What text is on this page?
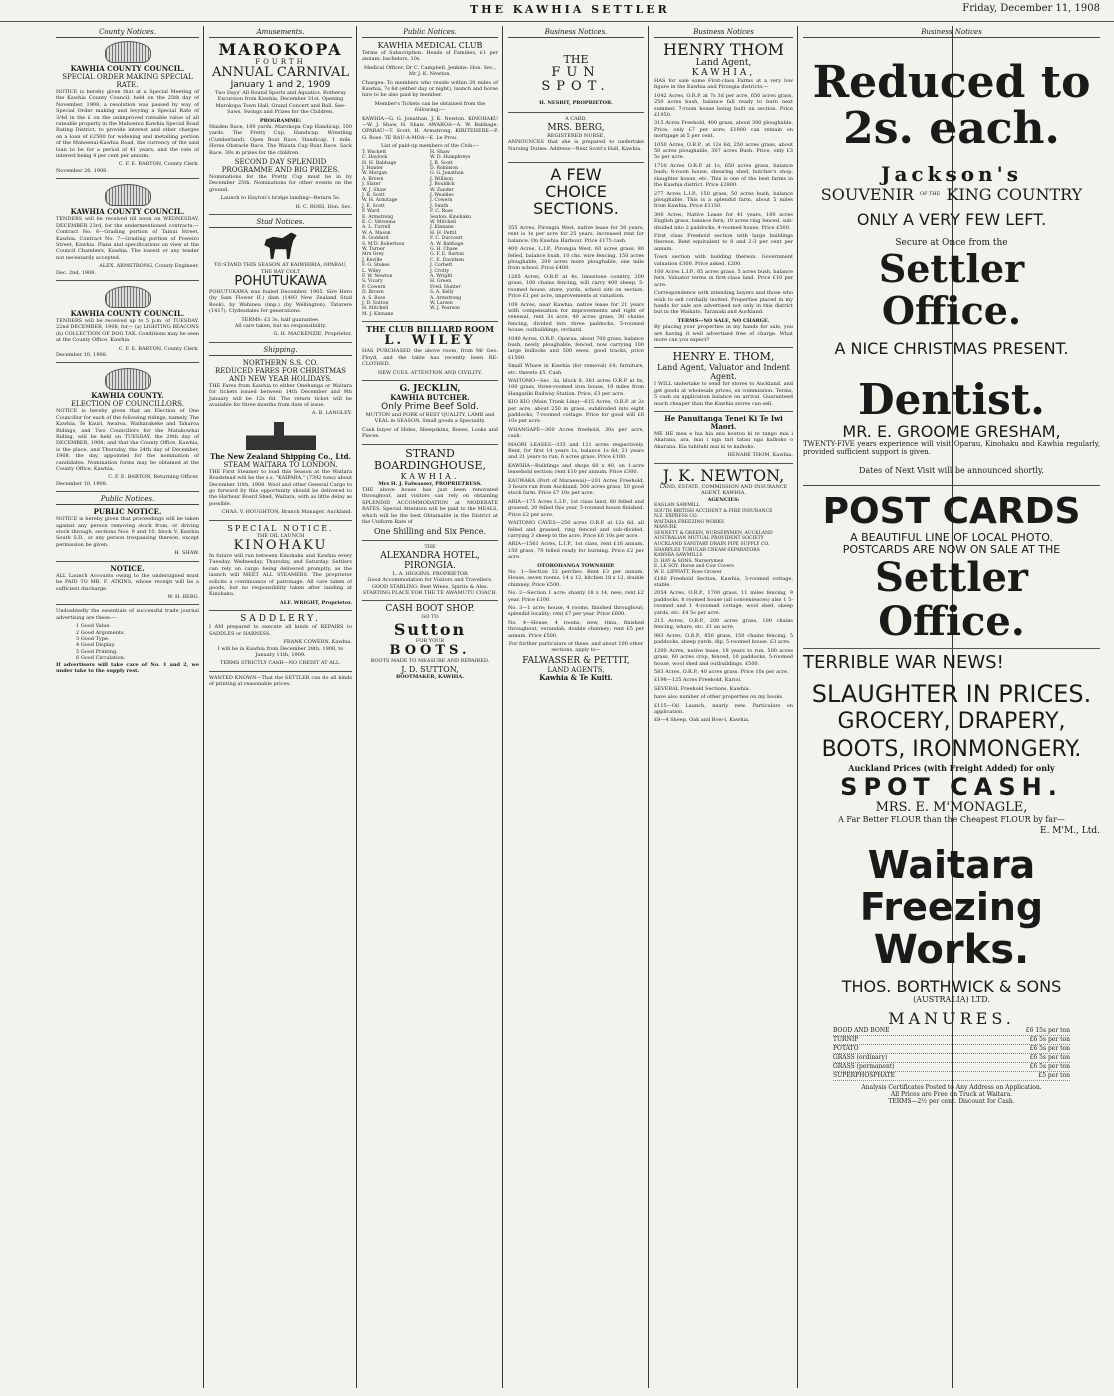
THE KAWHIA SETTLER	Friday, December 11, 1908
County Notices.
KAWHIA COUNTY COUNCIL.
SPECIAL ORDER MAKING SPECIAL RATE.

NOTICE is hereby given that at a Special Meeting of the Kawhia County Council, held on the 25th day of November, 1908, a resolution was passed by way of Special Order making and levying a Special Rate of 3/4d in the £ on the unimproved rateable value of all rateable property in the Mahoenui Kawhia Special Road Rating District, to provide interest and other charges on a loan of £2500 for widening and metalling portion of the Mahoenui-Kawhia Road, the currency of the said loan to be for a period of 41 years, and the rate of interest being 4 per cent per annum.

C. F. E. BARTON, County Clerk.
November 26, 1908.
KAWHIA COUNTY COUNCIL.

TENDERS will be received till noon on WEDNESDAY, DECEMBER 23rd, for the undermentioned contracts:— Contract No. 6—Grading portion of Tainui Street, Kawhia. Contract No. 7—Grading portion of Poweiro Street, Kawhia. Plans and specifications on view at the Council Chambers, Kawhia. The lowest or any tender not necessarily accepted.

ALEX. ARMSTRONG, County Engineer.
Dec. 2nd, 1908.
KAWHIA COUNTY COUNCIL.

TENDERS will be received up to 5 p.m. of TUESDAY, 22nd DECEMBER, 1908, for— (a) LIGHTING BEACONS (b) COLLECTION OF DOG TAX. Conditions may be seen at the County Office, Kawhia.

C. F. E. BARTON, County Clerk.
December 10, 1908.
KAWHIA COUNTY.
ELECTION OF COUNCILLORS.

NOTICE is hereby given that an Election of One Councillor for each of the following ridings, namely, The Kawhia, Te Kauri, Awaroa, Waiharakeke and Taharoa Ridings, and Two Councillors for the Matakowhai Riding, will be held on TUESDAY, the 29th day of DECEMBER, 1908; and that the County Office, Kawhia, is the place, and Thursday, the 24th day of December, 1908, the day, appointed for the nomination of candidates. Nomination forms may be obtained at the County Office, Kawhia.

C. F. E. BARTON, Returning Officer.
December 10, 1908.
Public Notices.
PUBLIC NOTICE.

NOTICE is hereby given that proceedings will be taken against any person removing stock from, or driving stock through, sections Nos. 9 and 10, block V, Kawhia South S.D., or any person trespassing thereon, except permission be given.

H. SHAW.
NOTICE.

ALL Launch Accounts owing to the undersigned must be PAID TO MR. F. ATKINS, whose receipt will be a sufficient discharge.

W. H. BERG.

Undoubtedly the essentials of successful trade journal advertising are these:—

1 Good Value.
2 Good Arguments.
3 Good Type.
4 Good Display.
5 Good Printing.
6 Good Circulation.

If advertisers will take care of No. 1 and 2, we under take to the supply rest.

Amusements.
MAROKOPA
FOURTH
ANNUAL CARNIVAL
January 1 and 2, 1909

Two Days' All Round Sports and Aquatics. Rotheray Excursion from Kawhia, December 31st. Opening Marokopa Town Hall, Grand Concert and Ball. See-Saws, Swings and Prizes for the Children.

PROGRAMME:

Maiden Race, 100 yards. Marokopa Cup Handicap, 100 yards. The Pretty Cup, Handicap. Wrestling (Cumberland). Open Boat Race, Handicap, 1 mile. Horse Obstacle Race. The Waiata Cup Boat Race. Sack Race. 30s in prizes for the children.

SECOND DAY SPLENDID PROGRAMME AND BIG PRIZES.

Nominations for the Pretty Cup must be in by December 25th. Nominations for other events on the ground.

Launch to Hayton's bridge landing—Return 5s.

H. C. ROSS, Hon. Sec.
Stud Notices.
TO STAND THIS SEASON AT KAIWHIRIA, OPARAU, THE BAY COLT
POHUTUKAWA

POHUTUKAWA was foaled December, 1905. Sire Hero (by Sam Flower II.) dam (1493 New Zealand Stud Book), by Wahinea (imp.) (by Wellington), Tatarere (1417). Clydesdales for generations.

TERMS: £3 3s, half guarantee.
All care taken, but no responsibility.
G. H. MACKENZIE, Proprietor.
Shipping.
NORTHERN S.S. CO.
REDUCED FARES FOR CHRISTMAS AND NEW YEAR HOLIDAYS.

THE Fares from Kawhia to either Onehunga or Waitara for tickets issued between 14th December and 9th January will be 12s 6d. The return ticket will be available for three months from date of issue.

A. B. LANGLEY.
The New Zealand Shipping Co., Ltd.
STEAM WAITARA TO LONDON.

THE First Steamer to load this Season at the Waitara Roadstead will be the s.s. "KAIPARA," (7392 tons) about December 10th, 1908. Wool and other General Cargo to go forward by this opportunity should be delivered to the Harbour Board Shed, Waitara, with as little delay as possible.

CHAS. V. HOUGHTON, Branch Manager, Auckland.
SPECIAL NOTICE.
THE OIL LAUNCH
KINOHAKU

In future will run between Kinohaku and Kawhia every Tuesday, Wednesday, Thursday, and Saturday. Settlers can rely on cargo being delivered promptly, as the launch will MEET ALL STEAMERS. The proprietor solicits a continuance of patronage. All care taken of goods, but no responsibility taken after landing at Kinohaku.

ALF. WRIGHT, Proprietor.
SADDLERY.

I AM prepared to execute all kinds of REPAIRS to SADDLES or HARNESS.

FRANK COWERN, Kawhia.

I will be in Kawhia from December 28th, 1908, to January 11th, 1909.

TERMS STRICTLY CASH—NO CREDIT AT ALL.

WANTED KNOWN—That the SETTLER can do all kinds of printing at reasonable prices.

Public Notices.
KAWHIA MEDICAL CLUB

Terms of Subscription: Heads of Families, £1 per annum; bachelors, 10s.

Medical Officer, Dr C. Campbell. Jenkins: Hon. Sec., Mr J. K. Newton.

Charges: To members who reside within 20 miles of Kawhia, 7s 6d (either day or night), launch and horse hire to be also paid by member.

Member's Tickets can be obtained from the following:—

KAWHIA—G. G. Jonathan, J. K. Newton. KINOHAKU—W. J. Shaw, H. Shaw. AWAROA—A. W. Babbage. OPARAU—T. Scott, H. Armstrong. KIRITEHERE—P. G. Rose. TE RAU-A-MOA—E. Le Prou.

List of paid-up members of the Club:—
T. Wackett	H. Shaw
C. Haylock	W. D. Humphreys
H. H. Babbage	J. B. Scott
J. Hunter	D. Robinson
W. Morgan	G. G. Jonathan
A. Brown	J. Willison
J. Slater	J. Bouldick
W. J. Shaw	W. Zander
J. B. Scott	J. Wealdes
W. H. Armitage	J. Cowern
J. E. Scott	J. Smith
P. Ward	F. C. Rose
E. Armstrong	Sexton, Kinohaku
E. C. Velvenna	W. Mitchell
A. L. Turrell	J. Kinnane
W. A. Mason	H. H. Pettit
R. Goddard	F. C. Durcourt
S. M'D. Robertson	A. W. Babbage
W. Turner	G. H. Chase
Mrs Grey	G. F. E. Barton
J. Keville	C. E. Davidsen
F. G. Stokes	J. Corbett
L. Wiley	J. Crotty
F. W. Newton	A. Wright
S. Vicary	H. Green
F. Cowern	Fred. Hunter
D. Brown	S. A. Kelly
A. S. Ross	A. Armstrong
J. D. Sutton	W. Larsen
H. Mitchell	W. J. Pearson
M. J. Kinnane
THE CLUB BILLIARD ROOM
L. WILEY

HAS PURCHASED the above room, from Mr Geo. Floyd, and the table has recently been RE-CLOTHED.

NEW CUES. ATTENTION AND CIVILITY.
G. JECKLIN,
KAWHIA BUTCHER.
Only Prime Beef Sold.

MUTTON and PORK of BEST QUALITY, LAMB and VEAL in SEASON, Small goods a Speciality.

Cash buyer of Hides, Sheepskins, Bones, Looks and Pieces.

STRAND
BOARDINGHOUSE,
KAWHIA.
Mrs H. J. Falwasser, PROPRIETRESS.

THE above house has just been renovated throughout, and visitors can rely on obtaining SPLENDID ACCOMMODATION at MODERATE RATES. Special Attention will be paid to the MEALS, which will be the best Obtainable in the District at the Uniform Rate of

One Shilling and Six Pence.
THE
ALEXANDRA HOTEL, PIRONGIA.
L. A. HIGGINS, PROPRIETOR

Good Accommodation for Visitors and Travellers. GOOD STABLING. Best Wines, Spirits & Ales. STARTING PLACE FOR THE TE AWAMUTU COACH.

CASH BOOT SHOP.
GO TO
Sutton
FOR YOUR
BOOTS.
BOOTS MADE TO MEASURE AND REPAIRED.
J. D. SUTTON,
BOOTMAKER, KAWHIA.
Business Notices.
THE
FUN
SPOT.
H. NESBIT, PROPRIETOR.
A CARD.
MRS. BERG,
REGISTERED NURSE,

ANNOUNCES that she is prepared to undertake Nursing Duties. Address—Next Scott's Hall, Kawhia.

A FEW
CHOICE
SECTIONS.

355 Acres, Pirongia West, native lease for 50 years, rent is 1s per acre for 25 years, increased rent for balance. On Kawhia Harbour. Price £175 cash.

400 Acres, L.I.P., Pirongia West, 60 acres grass, 80 felled, balance bush, 10 chs. wire fencing, 150 acres ploughable, 200 acres more ploughable, one mile from school. Price £400.

1265 Acres, O.R.P. at 4s, limestone country, 200 grass, 100 chains fencing, will carry 400 sheep, 5-roomed house, store, yards, school site on section. Price £1 per acre, improvements at valuation.

109 Acres, near Kawhia, native lease for 21 years with compensation for improvements and right of renewal, rent 3s acre, 40 acres grass, 30 chains fencing, divided into three paddocks, 5-roomed house, outbuildings, orchard.

1040 Acres, O.R.P., Oparau, about 700 grass, balance bush, newly ploughable, fenced, now carrying 100 large bullocks and 500 ewes, good tracks, price £1500.

Small Whare in Kawhia (for removal) £4; furniture, etc. thereto £5. Cash.

WAITOMO—Sec. 3a, block 8, 361 acres O.R.P. at 8s, 100 grass, three-roomed iron house, 10 miles from Hangatiki Railway Station. Price, £3 per acre.

KIO KIO (Main Trunk Line)—615 Acres, O.R.P. at 2s per acre, about 250 in grass, subdivided into eight paddocks; 7-roomed cottage. Price for good will £6 10s per acre.

WHANGAPE—300 Acres freehold, 30s per acre, cash.

MAORI LEASES—335 and 121 acres respectively. Rent, for first 14 years 1s, balance 1s 6d; 21 years and 21 years to run, 6 acres grass. Price £100.

KAWHIA—Buildings and shops 60 x 40, on 1-acre leasehold section; rent £10 per annum. Price £300.

KAUWAKA (Port of Maraewai)—201 Acres Freehold, 3 hours run from Auckland, 500 acres grass, 50 good stock farm. Price £7 10s per acre.

ARIA—175 Acres L.I.P., 1st class land, 60 felled and grassed, 20 felled this year, 5-roomed house finished. Price £2 per acre.

WAITOMO CAVES—250 acres O.R.P. at 12s 6d, all felled and grassed, ring fenced and sub-divided, carrying 3 sheep to the acre. Price £6 10s per acre.

ARIA—1561 Acres, L.I.P., 1st class, rent £16 annum, 150 grass, 70 felled ready for burning. Price £2 per acre.

OTOROHANGA TOWNSHIP.

No. 1—Section 32 perches. Rent £3 per annum. House, seven rooms, 14 x 12, kitchen 18 x 12, double chimney. Price £500.

No. 2—Section 1 acre; shanty 18 x 14, new; rent £2 year. Price £100.

No. 3—1 acre; house, 4 rooms, finished throughout; splendid locality; rent £7 per year. Price £600.

No. 4—House, 4 rooms, new, rimu, finished throughout, verandah, double chimney; rent £5 per annum. Price £500.

For further particulars of these, and about 100 other sections, apply to—

FALWASSER & PETTIT,
LAND AGENTS,
Kawhia & Te Kuiti.
Business Notices
HENRY THOM
Land Agent,
KAWHIA,

HAS for sale some First-class Farms at a very low figure in the Kawhia and Pirongia districts:—

1042 Acres, O.R.P. at 7s 3d per acre, 650 acres grass, 250 acres bush, balance fall ready to burn next summer, 7-room house being built on section. Price £1950.

315 Acres Freehold, 400 grass, about 300 ploughable. Price, only £7 per acre; £1000 can remain on mortgage at 5 per cent.

1050 Acres, O.R.P., at 12s 6d, 250 acres grass, about 50 acres ploughable, 307 acres Bush. Price, only £3 5s per acre.

1710 Acres O.R.P. at 1s, 650 acres grass, balance bush; 8-room house, shearing shed, butcher's shop, slaughter house, etc. This is one of the best farms in the Kawhia district. Price £2800.

277 Acres L.I.P., 150 grass, 50 acres bush, balance ploughable. This is a splendid farm, about 5 miles from Kawhia. Price £1150.

300 Acres, Native Lease for 41 years, 100 acres English grass, balance fern; 10 acres ring fenced, sub-divided into 2 paddocks, 4-roomed house. Price £500.

First class Freehold section with large buildings thereon. Rent equivalent to 8 and 2-3 per cent per annum.

Town section with building thereon. Government valuation £300. Price asked, £200.

100 Acres L.I.P., 85 acres grass, 5 acres bush, balance fern. Valuator terms in first-class land. Price £10 per acre.

Correspondence with intending buyers and those who wish to sell cordially invited. Properties placed in my hands for sale are advertised not only in this district but in the Waikato, Taranaki and Auckland.

TERMS—NO SALE, NO CHARGE.

By placing your properties in my hands for sale, you are having it well advertised free of charge. What more can you expect?

HENRY E. THOM,
Land Agent, Valuator and Indent Agent.

I WILL undertake to send for stores to Auckland, and get goods at wholesale prices, ex commission. Terms, 5 cash on application balance on arrival. Guaranteed much cheaper than the Kawhia stores can sell.

He Panuitanga Tenei Ki Te Iwi Maori.

ME HE mea e hia hia ana koutou ki te tango mai i Akarana, ara, mai i nga tari tatau nga kaihoko o Akarana. Kia tuhituhi mai ki te kaihoko.

HENARE THOM, Kawhia.
J. K. NEWTON,
LAND, ESTATE, COMMISSION AND INSURANCE AGENT, KAWHIA.
AGENCIES:
EAGLAN SAWMILL
SOUTH BRITISH ACCIDENT & FIRE INSURANCE
N.Z. EXPRESS CO.
WAITARA FREEZING WORKS
MANURE
SENNETT & GREEN, NURSERYMEN, AUCKLAND
AUSTRALIAN MUTUAL PROVIDENT SOCIETY
AUCKLAND SANITARY DRAIN PIPE SUPPLY CO.
SHARPLES TUBULAR CREAM SEPARATORS
KAWHIA SAWMILLS
D. HAY & SONS, Nurserymen
E. LE SOY, Horse and Cow Covers
W. E. LIPPIATT, Rose Grower

£160 Freehold Section, Kawhia, 3-roomed cottage, stable.

2054 Acres, O.R.P., 1700 grass, 11 miles fencing, 9 paddocks, 8 roomed house (all conveniences) also 1 5-roomed and 1 4-roomed cottage, wool shed, sheep yards, etc. £4 5s per acre.

215 Acres, O.R.P., 200 acres grass, 100 chains fencing, whare, etc. £1 an acre.

983 Acres, O.R.P., 850 grass, 150 chains fencing, 5 paddocks, sheep yards, dip, 5-roomed house. £3 acre.

1200 Acres, native lease, 18 years to run, 500 acres grass, 60 acres crop, fenced, 10 paddocks, 5-roomed house, wool shed and outbuildings. £500.

583 Acres, O.R.P., 40 acres grass. Price 10s per acre.

£198—125 Acres Freehold, Karioi.

SEVERAL Freehold Sections, Kawhia.

have also number of other properties on my books.

£115—Oil Launch, nearly new. Particulars on application.

£8—4 Sheep, Oak and Bow-l, Kawhia.

Business Notices
Reduced to
2s. each.
Jackson's
SOUVENIR OF THE KING COUNTRY
ONLY A VERY FEW LEFT.
Secure at Once from the
Settler Office.
A NICE CHRISTMAS PRESENT.
Dentist.
MR. E. GROOME GRESHAM,

TWENTY-FIVE years experience will visit Oparau, Kinohaku and Kawhia regularly, provided sufficient support is given.

Dates of Next Visit will be announced shortly.
POST CARDS
A BEAUTIFUL LINE OF LOCAL PHOTO.
POSTCARDS ARE NOW ON SALE AT THE
Settler Office.
TERRIBLE WAR NEWS!
SLAUGHTER IN PRICES.
GROCERY, DRAPERY,
BOOTS, IRONMONGERY.
Auckland Prices (with Freight Added) for only
SPOT CASH.
MRS. E. M'MONAGLE,
A Far Better FLOUR than the Cheapest FLOUR by far—
E. M'M., Ltd.
Waitara Freezing
Works.
THOS. BORTHWICK & SONS
(AUSTRALIA) LTD.
MANURES.
BOOD AND BONE	£6 15s per ton
TURNIP	£6 5s per ton
POTATO	£6 5s per ton
GRASS (ordinary)	£6 5s per ton
GRASS (permanent)	£6 5s per ton
SUPERPHOSPHATE	£5 per ton
Analysis Certificates Posted to Any Address on Application.
All Prices are Free on Truck at Waitara.
TERMS—2½ per cent. Discount for Cash.
